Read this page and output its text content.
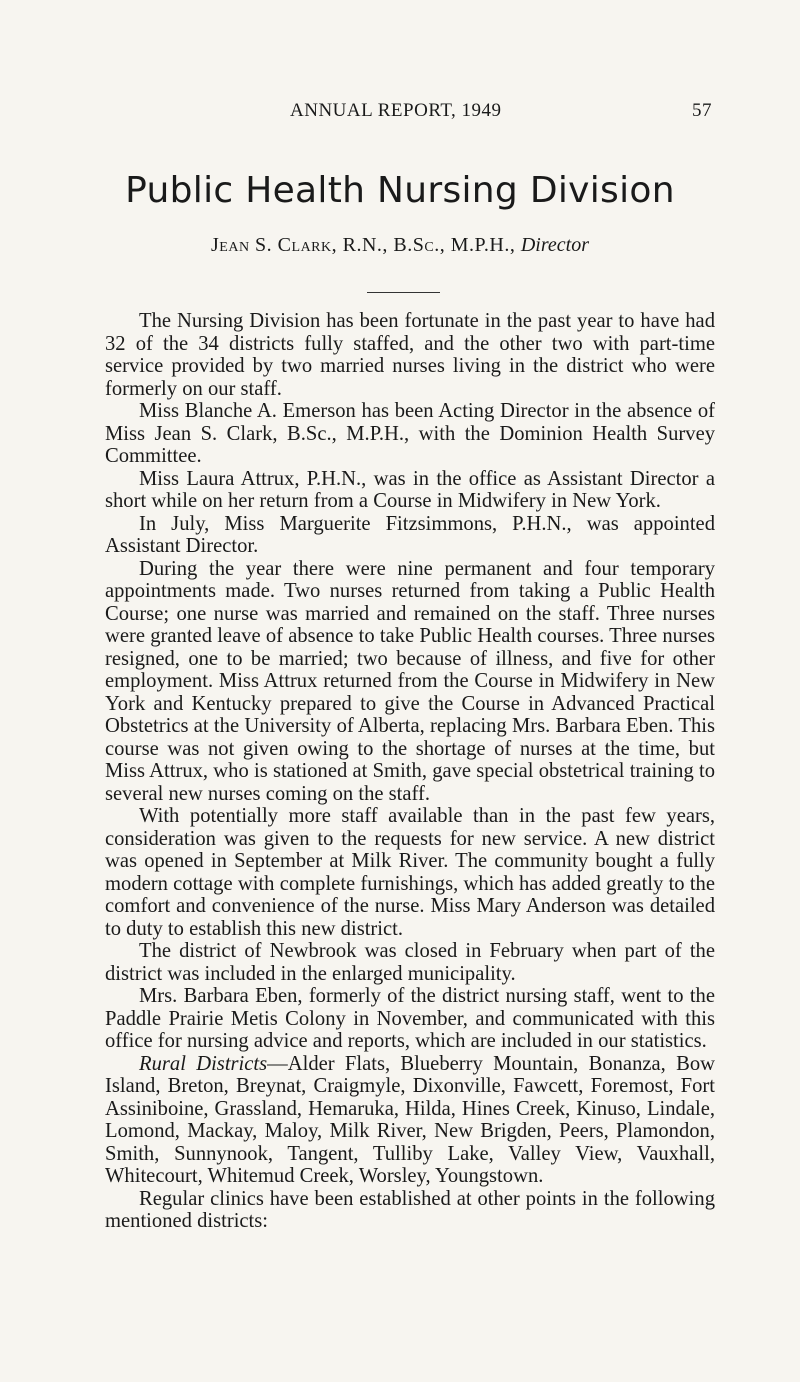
ANNUAL REPORT, 1949	57
Public Health Nursing Division
Jean S. Clark, R.N., B.Sc., M.P.H., Director

The Nursing Division has been fortunate in the past year to have had 32 of the 34 districts fully staffed, and the other two with part-time service provided by two married nurses living in the district who were formerly on our staff.

Miss Blanche A. Emerson has been Acting Director in the absence of Miss Jean S. Clark, B.Sc., M.P.H., with the Dominion Health Survey Committee.

Miss Laura Attrux, P.H.N., was in the office as Assistant Director a short while on her return from a Course in Midwifery in New York.

In July, Miss Marguerite Fitzsimmons, P.H.N., was appointed Assistant Director.

During the year there were nine permanent and four temporary appointments made. Two nurses returned from taking a Public Health Course; one nurse was married and remained on the staff. Three nurses were granted leave of absence to take Public Health courses. Three nurses resigned, one to be married; two because of illness, and five for other employment. Miss Attrux returned from the Course in Midwifery in New York and Kentucky prepared to give the Course in Advanced Practical Obstetrics at the University of Alberta, replacing Mrs. Barbara Eben. This course was not given owing to the shortage of nurses at the time, but Miss Attrux, who is stationed at Smith, gave special obstetrical training to several new nurses coming on the staff.

With potentially more staff available than in the past few years, consideration was given to the requests for new service. A new district was opened in September at Milk River. The community bought a fully modern cottage with complete furnishings, which has added greatly to the comfort and convenience of the nurse. Miss Mary Anderson was detailed to duty to establish this new district.

The district of Newbrook was closed in February when part of the district was included in the enlarged municipality.

Mrs. Barbara Eben, formerly of the district nursing staff, went to the Paddle Prairie Metis Colony in November, and communicated with this office for nursing advice and reports, which are included in our statistics.

Rural Districts—Alder Flats, Blueberry Mountain, Bonanza, Bow Island, Breton, Breynat, Craigmyle, Dixonville, Fawcett, Foremost, Fort Assiniboine, Grassland, Hemaruka, Hilda, Hines Creek, Kinuso, Lindale, Lomond, Mackay, Maloy, Milk River, New Brigden, Peers, Plamondon, Smith, Sunnynook, Tangent, Tulliby Lake, Valley View, Vauxhall, Whitecourt, Whitemud Creek, Worsley, Youngstown.

Regular clinics have been established at other points in the following mentioned districts:
